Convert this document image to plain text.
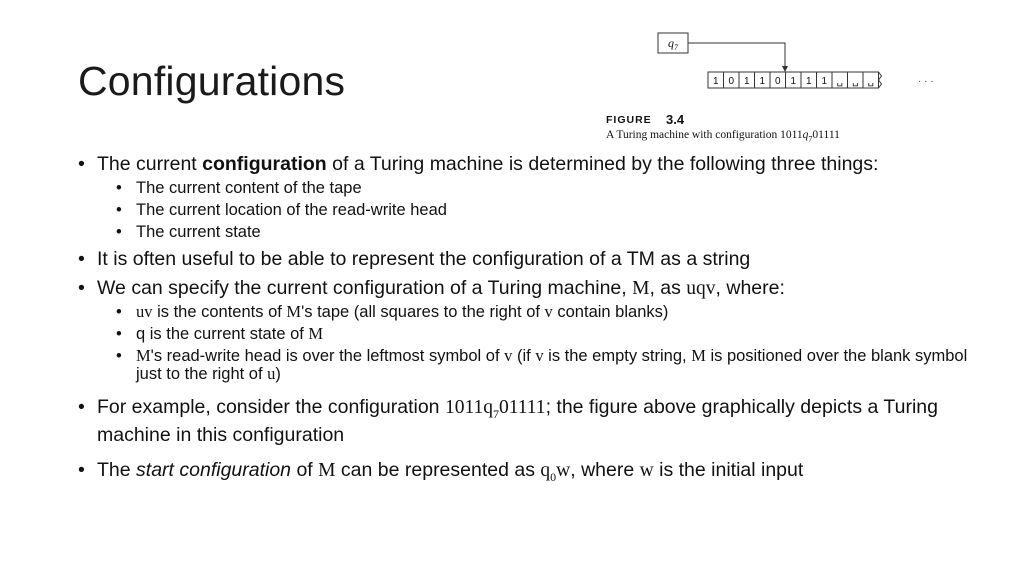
Configurations
$q_7$
1 0 1 1 0 1 1 1 ␣ ␣ ␣	· · ·
FIGURE 3.4
A Turing machine with configuration $1011q_701111$
• The current configuration of a Turing machine is determined by the following three things:
• The current content of the tape
• The current location of the read-write head
• The current state
• It is often useful to be able to represent the configuration of a TM as a string
• We can specify the current configuration of a Turing machine, M, as uqv, where:
• uv is the contents of M's tape (all squares to the right of v contain blanks)
• q is the current state of M
• M's read-write head is over the leftmost symbol of v (if v is the empty string, M is positioned over the blank symbol just to the right of u)
• For example, consider the configuration $1011q_701111$; the figure above graphically depicts a Turing machine in this configuration
• The start configuration of M can be represented as $q_0w$, where w is the initial input
